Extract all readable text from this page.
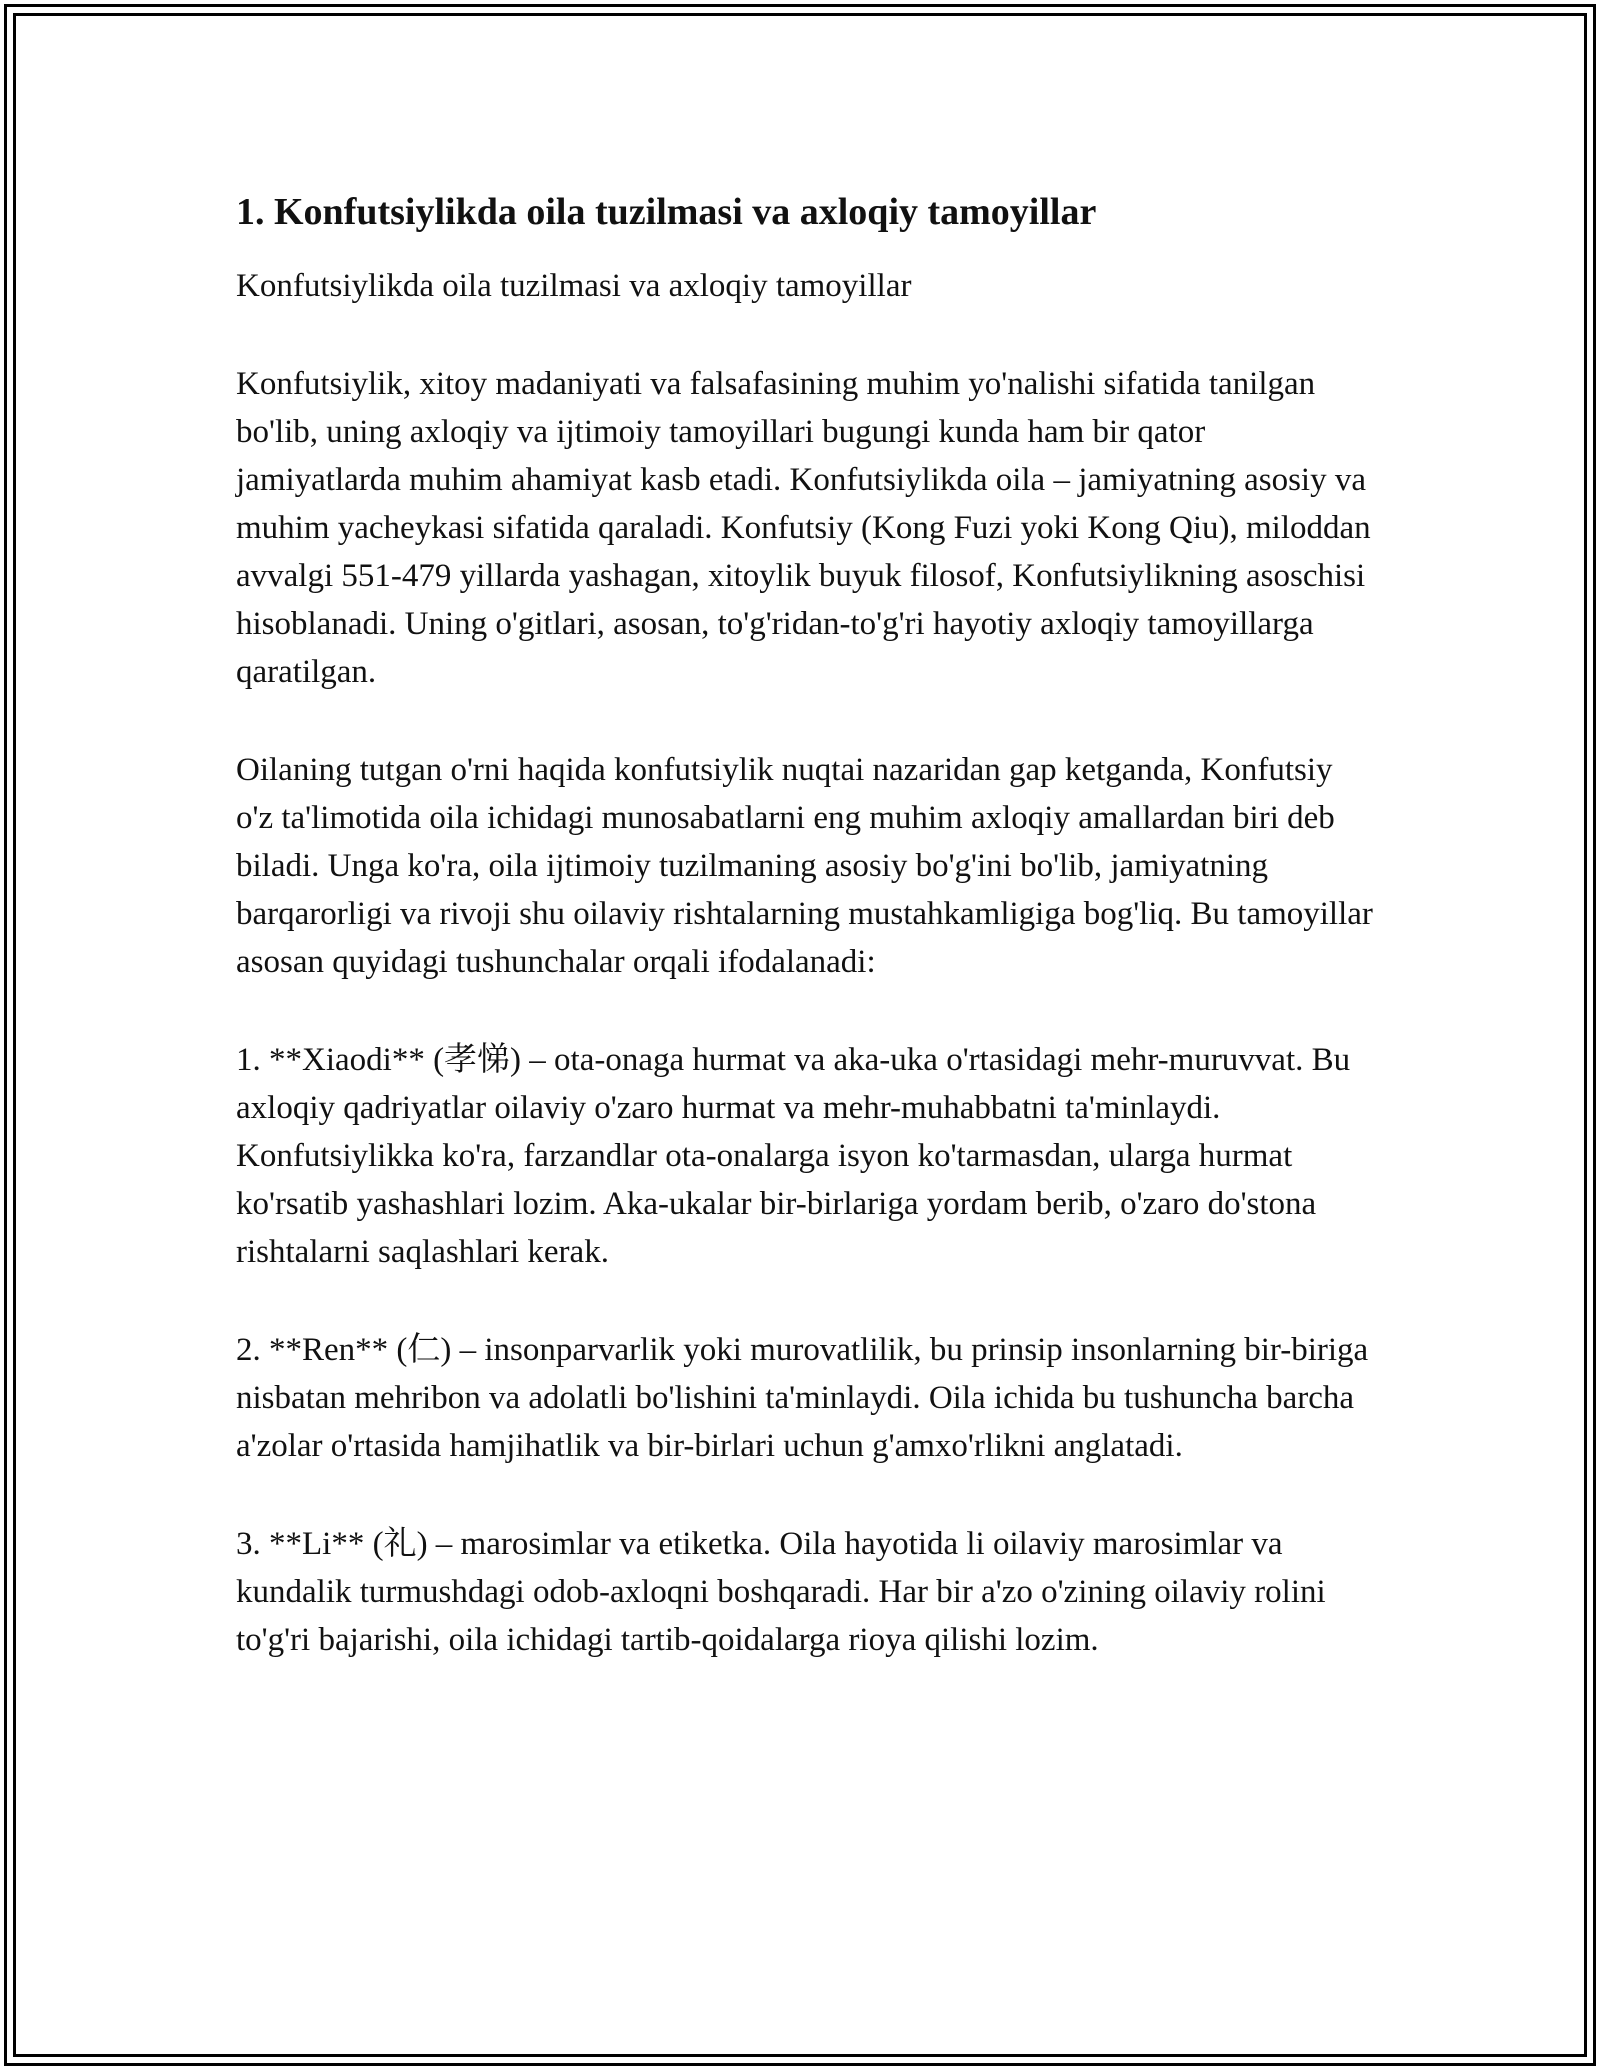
1. Konfutsiylikda oila tuzilmasi va axloqiy tamoyillar

Konfutsiylikda oila tuzilmasi va axloqiy tamoyillar

Konfutsiylik, xitoy madaniyati va falsafasining muhim yo'nalishi sifatida tanilgan bo'lib, uning axloqiy va ijtimoiy tamoyillari bugungi kunda ham bir qator jamiyatlarda muhim ahamiyat kasb etadi. Konfutsiylikda oila – jamiyatning asosiy va muhim yacheykasi sifatida qaraladi. Konfutsiy (Kong Fuzi yoki Kong Qiu), miloddan avvalgi 551-479 yillarda yashagan, xitoylik buyuk filosof, Konfutsiylikning asoschisi hisoblanadi. Uning o'gitlari, asosan, to'g'ridan-to'g'ri hayotiy axloqiy tamoyillarga qaratilgan.

Oilaning tutgan o'rni haqida konfutsiylik nuqtai nazaridan gap ketganda, Konfutsiy o'z ta'limotida oila ichidagi munosabatlarni eng muhim axloqiy amallardan biri deb biladi. Unga ko'ra, oila ijtimoiy tuzilmaning asosiy bo'g'ini bo'lib, jamiyatning barqarorligi va rivoji shu oilaviy rishtalarning mustahkamligiga bog'liq. Bu tamoyillar asosan quyidagi tushunchalar orqali ifodalanadi:

1. **Xiaodi** (孝悌) – ota-onaga hurmat va aka-uka o'rtasidagi mehr-muruvvat. Bu axloqiy qadriyatlar oilaviy o'zaro hurmat va mehr-muhabbatni ta'minlaydi. Konfutsiylikka ko'ra, farzandlar ota-onalarga isyon ko'tarmasdan, ularga hurmat ko'rsatib yashashlari lozim. Aka-ukalar bir-birlariga yordam berib, o'zaro do'stona rishtalarni saqlashlari kerak.

2. **Ren** (仁) – insonparvarlik yoki murovatlilik, bu prinsip insonlarning bir-biriga nisbatan mehribon va adolatli bo'lishini ta'minlaydi. Oila ichida bu tushuncha barcha a'zolar o'rtasida hamjihatlik va bir-birlari uchun g'amxo'rlikni anglatadi.

3. **Li** (礼) – marosimlar va etiketka. Oila hayotida li oilaviy marosimlar va kundalik turmushdagi odob-axloqni boshqaradi. Har bir a'zo o'zining oilaviy rolini to'g'ri bajarishi, oila ichidagi tartib-qoidalarga rioya qilishi lozim.
